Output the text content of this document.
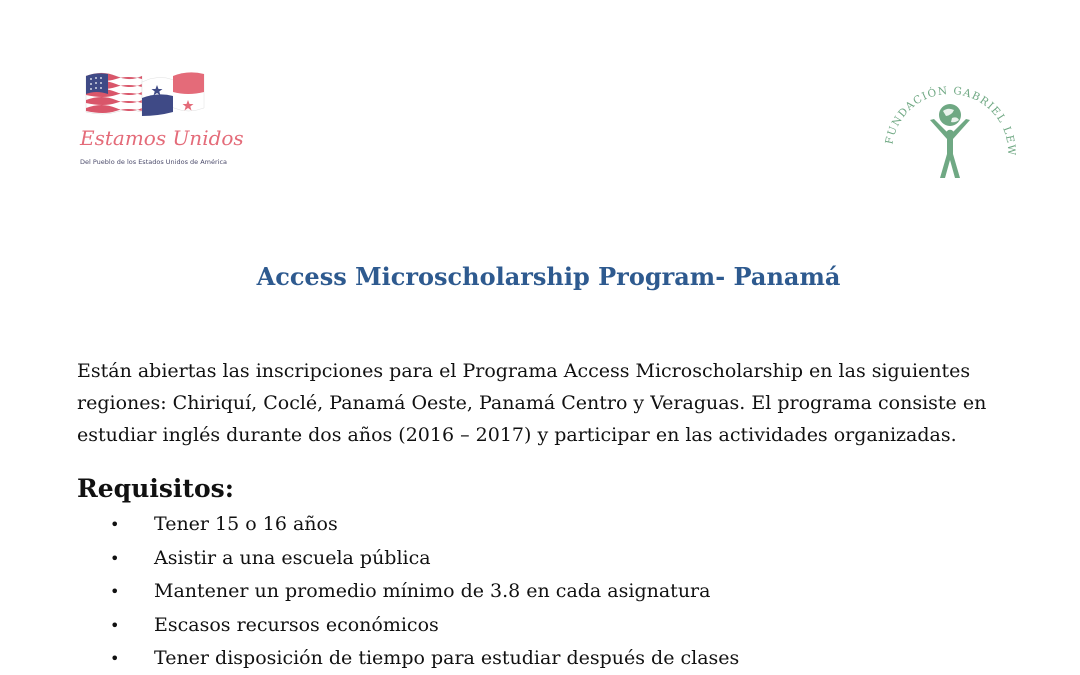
Estamos Unidos
Del Pueblo de los Estados Unidos de América
FUNDACIÓN GABRIEL LEW
Access Microscholarship Program- Panamá
Están abiertas las inscripciones para el Programa Access Microscholarship en las siguientes
regiones: Chiriquí, Coclé, Panamá Oeste, Panamá Centro y Veraguas. El programa consiste en
estudiar inglés durante dos años (2016 – 2017) y participar en las actividades organizadas.
Requisitos:
•	Tener 15 o 16 años
•	Asistir a una escuela pública
•	Mantener un promedio mínimo de 3.8 en cada asignatura
•	Escasos recursos económicos
•	Tener disposición de tiempo para estudiar después de clases
